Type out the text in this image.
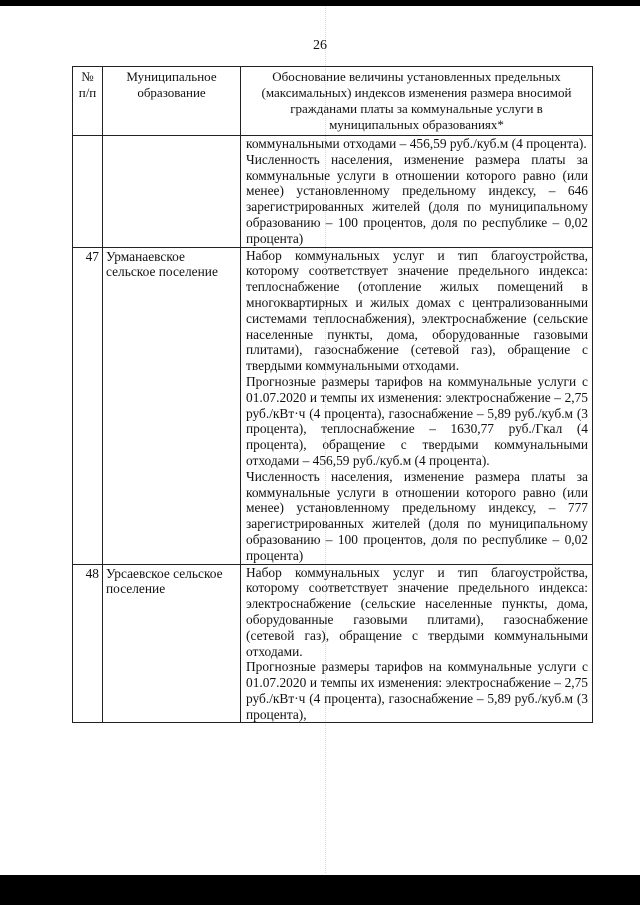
26
№
п/п	Муниципальное образование	Обоснование величины установленных предельных (максимальных) индексов изменения размера вносимой гражданами платы за коммунальные услуги в муниципальных образованиях*

		коммунальными отходами – 456,59 руб./куб.м (4 процента).

Численность населения, изменение размера платы за коммунальные услуги в отношении которого равно (или менее) установленному предельному индексу, – 646 зарегистрированных жителей (доля по муниципальному образованию – 100 процентов, доля по республике – 0,02 процента)

47	Урманаевское сельское поселение	Набор коммунальных услуг и тип благоустройства, которому соответствует значение предельного индекса: теплоснабжение (отопление жилых помещений в многоквартирных и жилых домах с централизованными системами теплоснабжения), электроснабжение (сельские населенные пункты, дома, оборудованные газовыми плитами), газоснабжение (сетевой газ), обращение с твердыми коммунальными отходами.

Прогнозные размеры тарифов на коммунальные услуги с 01.07.2020 и темпы их изменения: электроснабжение – 2,75 руб./кВт·ч (4 процента), газоснабжение – 5,89 руб./куб.м (3 процента), теплоснабжение – 1630,77 руб./Гкал (4 процента), обращение с твердыми коммунальными отходами – 456,59 руб./куб.м (4 процента).

Численность населения, изменение размера платы за коммунальные услуги в отношении которого равно (или менее) установленному предельному индексу, – 777 зарегистрированных жителей (доля по муниципальному образованию – 100 процентов, доля по республике – 0,02 процента)

48	Урсаевское сельское поселение	Набор коммунальных услуг и тип благоустройства, которому соответствует значение предельного индекса: электроснабжение (сельские населенные пункты, дома, оборудованные газовыми плитами), газоснабжение (сетевой газ), обращение с твердыми коммунальными отходами.

Прогнозные размеры тарифов на коммунальные услуги с 01.07.2020 и темпы их изменения: электроснабжение – 2,75 руб./кВт·ч (4 процента), газоснабжение – 5,89 руб./куб.м (3 процента),
